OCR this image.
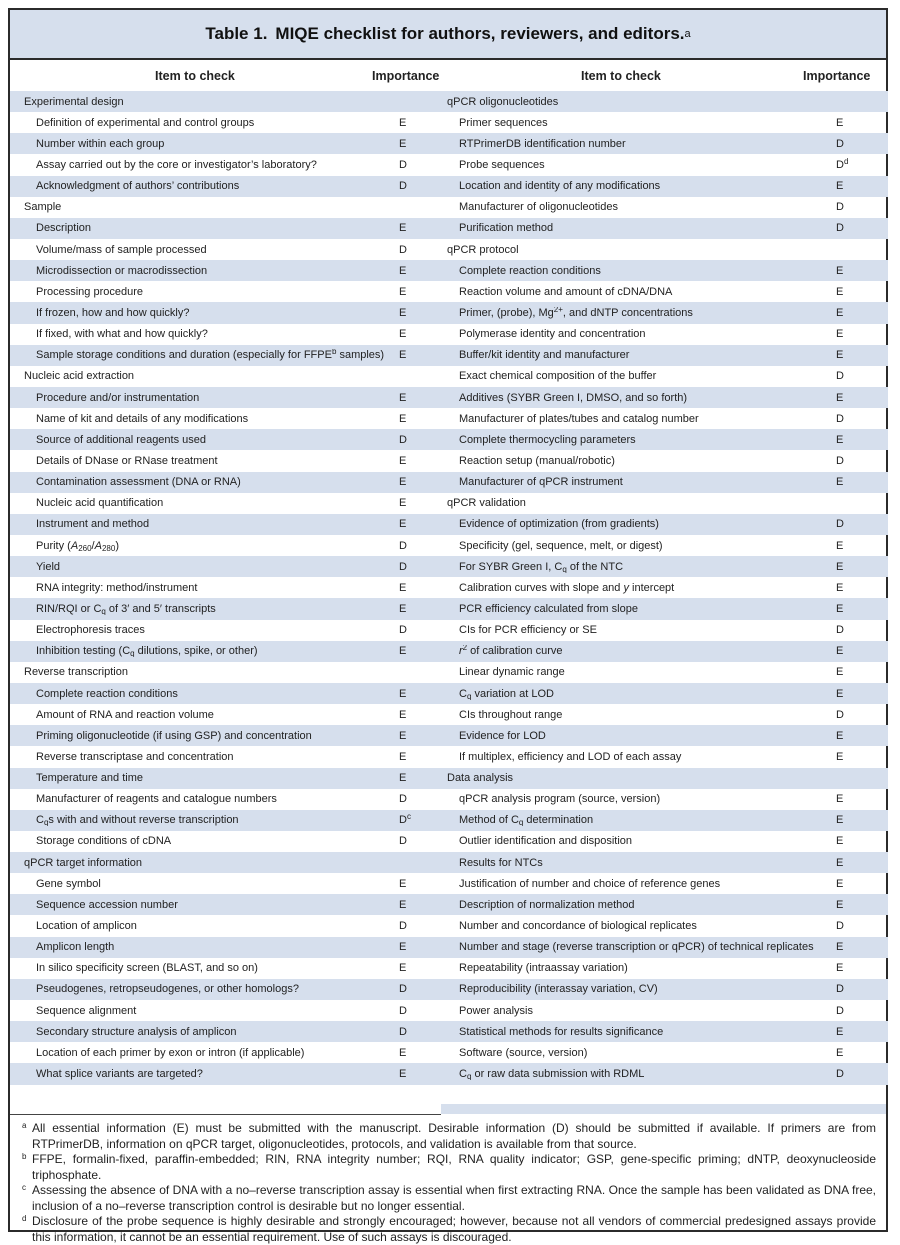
Table 1. MIQE checklist for authors, reviewers, and editors. a
Item to check	Importance	Item to check	Importance
Experimental design
Definition of experimental and control groups	E
Number within each group	E
Assay carried out by the core or investigator’s laboratory?	D
Acknowledgment of authors’ contributions	D
Sample
Description	E
Volume/mass of sample processed	D
Microdissection or macrodissection	E
Processing procedure	E
If frozen, how and how quickly?	E
If fixed, with what and how quickly?	E
Sample storage conditions and duration (especially for FFPE$^b$ samples)	E
Nucleic acid extraction
Procedure and/or instrumentation	E
Name of kit and details of any modifications	E
Source of additional reagents used	D
Details of DNase or RNase treatment	E
Contamination assessment (DNA or RNA)	E
Nucleic acid quantification	E
Instrument and method	E
Purity $(A_{260}/A_{280})$	D
Yield	D
RNA integrity: method/instrument	E
RIN/RQI or $C_q$ of 3′ and 5′ transcripts	E
Electrophoresis traces	D
Inhibition testing ($C_q$ dilutions, spike, or other)	E
Reverse transcription
Complete reaction conditions	E
Amount of RNA and reaction volume	E
Priming oligonucleotide (if using GSP) and concentration	E
Reverse transcriptase and concentration	E
Temperature and time	E
Manufacturer of reagents and catalogue numbers	D
$C_qs$ with and without reverse transcription	$D^c$
Storage conditions of cDNA	D
qPCR target information
Gene symbol	E
Sequence accession number	E
Location of amplicon	D
Amplicon length	E
In silico specificity screen (BLAST, and so on)	E
Pseudogenes, retropseudogenes, or other homologs?	D
Sequence alignment	D
Secondary structure analysis of amplicon	D
Location of each primer by exon or intron (if applicable)	E
What splice variants are targeted?	E
qPCR oligonucleotides
Primer sequences	E
RTPrimerDB identification number	D
Probe sequences	$D^d$
Location and identity of any modifications	E
Manufacturer of oligonucleotides	D
Purification method	D
qPCR protocol
Complete reaction conditions	E
Reaction volume and amount of cDNA/DNA	E
Primer, (probe), $Mg^{2+}$, and dNTP concentrations	E
Polymerase identity and concentration	E
Buffer/kit identity and manufacturer	E
Exact chemical composition of the buffer	D
Additives (SYBR Green I, DMSO, and so forth)	E
Manufacturer of plates/tubes and catalog number	D
Complete thermocycling parameters	E
Reaction setup (manual/robotic)	D
Manufacturer of qPCR instrument	E
qPCR validation
Evidence of optimization (from gradients)	D
Specificity (gel, sequence, melt, or digest)	E
For SYBR Green I, $C_q$ of the NTC	E
Calibration curves with slope and y intercept	E
PCR efficiency calculated from slope	E
CIs for PCR efficiency or SE	D
$r^2$ of calibration curve	E
Linear dynamic range	E
$C_q$ variation at LOD	E
CIs throughout range	D
Evidence for LOD	E
If multiplex, efficiency and LOD of each assay	E
Data analysis
qPCR analysis program (source, version)	E
Method of $C_q$ determination	E
Outlier identification and disposition	E
Results for NTCs	E
Justification of number and choice of reference genes	E
Description of normalization method	E
Number and concordance of biological replicates	D
Number and stage (reverse transcription or qPCR) of technical replicates	E
Repeatability (intraassay variation)	E
Reproducibility (interassay variation, CV)	D
Power analysis	D
Statistical methods for results significance	E
Software (source, version)	E
$C_q$ or raw data submission with RDML	D
a All essential information (E) must be submitted with the manuscript. Desirable information (D) should be submitted if available. If primers are from RTPrimerDB, information on qPCR target, oligonucleotides, protocols, and validation is available from that source.
b FFPE, formalin-fixed, paraffin-embedded; RIN, RNA integrity number; RQI, RNA quality indicator; GSP, gene-specific priming; dNTP, deoxynucleoside triphosphate.
c Assessing the absence of DNA with a no–reverse transcription assay is essential when first extracting RNA. Once the sample has been validated as DNA free, inclusion of a no–reverse transcription control is desirable but no longer essential.
d Disclosure of the probe sequence is highly desirable and strongly encouraged; however, because not all vendors of commercial predesigned assays provide this information, it cannot be an essential requirement. Use of such assays is discouraged.
